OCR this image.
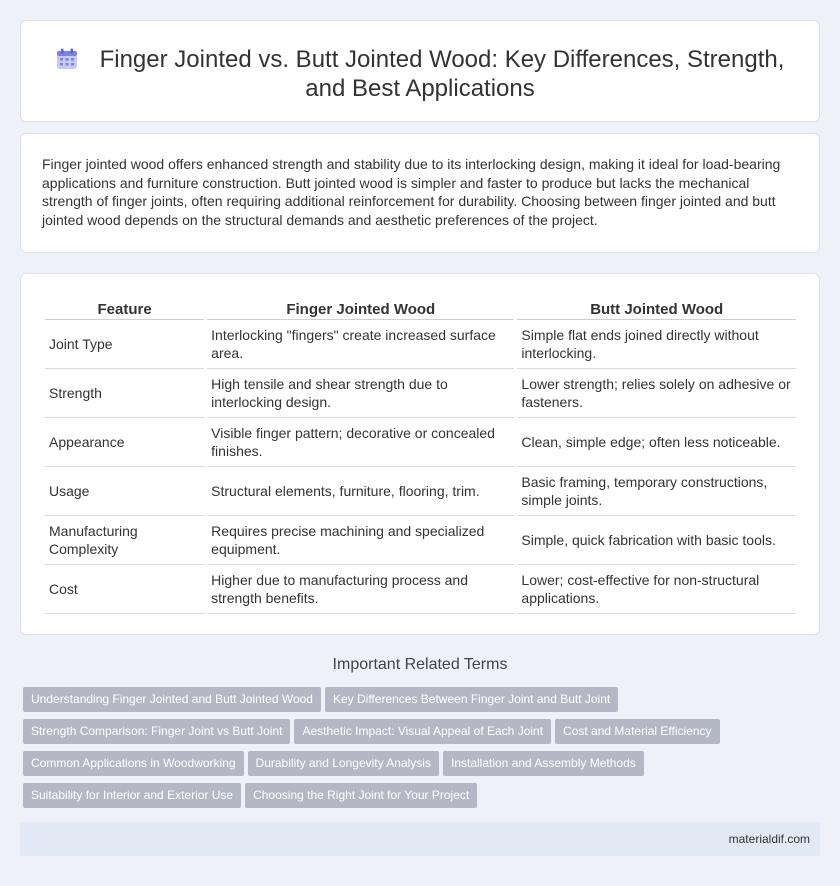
Finger Jointed vs. Butt Jointed Wood: Key Differences, Strength, and Best Applications

Finger jointed wood offers enhanced strength and stability due to its interlocking design, making it ideal for load-bearing applications and furniture construction. Butt jointed wood is simpler and faster to produce but lacks the mechanical strength of finger joints, often requiring additional reinforcement for durability. Choosing between finger jointed and butt jointed wood depends on the structural demands and aesthetic preferences of the project.

Feature	Finger Jointed Wood	Butt Jointed Wood
Joint Type	Interlocking "fingers" create increased surface area.	Simple flat ends joined directly without interlocking.
Strength	High tensile and shear strength due to interlocking design.	Lower strength; relies solely on adhesive or fasteners.
Appearance	Visible finger pattern; decorative or concealed finishes.	Clean, simple edge; often less noticeable.
Usage	Structural elements, furniture, flooring, trim.	Basic framing, temporary constructions, simple joints.
Manufacturing Complexity	Requires precise machining and specialized equipment.	Simple, quick fabrication with basic tools.
Cost	Higher due to manufacturing process and strength benefits.	Lower; cost-effective for non-structural applications.
Important Related Terms
Understanding Finger Jointed and Butt Jointed Wood Key Differences Between Finger Joint and Butt Joint
Strength Comparison: Finger Joint vs Butt Joint Aesthetic Impact: Visual Appeal of Each Joint Cost and Material Efficiency
Common Applications in Woodworking Durability and Longevity Analysis Installation and Assembly Methods
Suitability for Interior and Exterior Use Choosing the Right Joint for Your Project
materialdif.com
